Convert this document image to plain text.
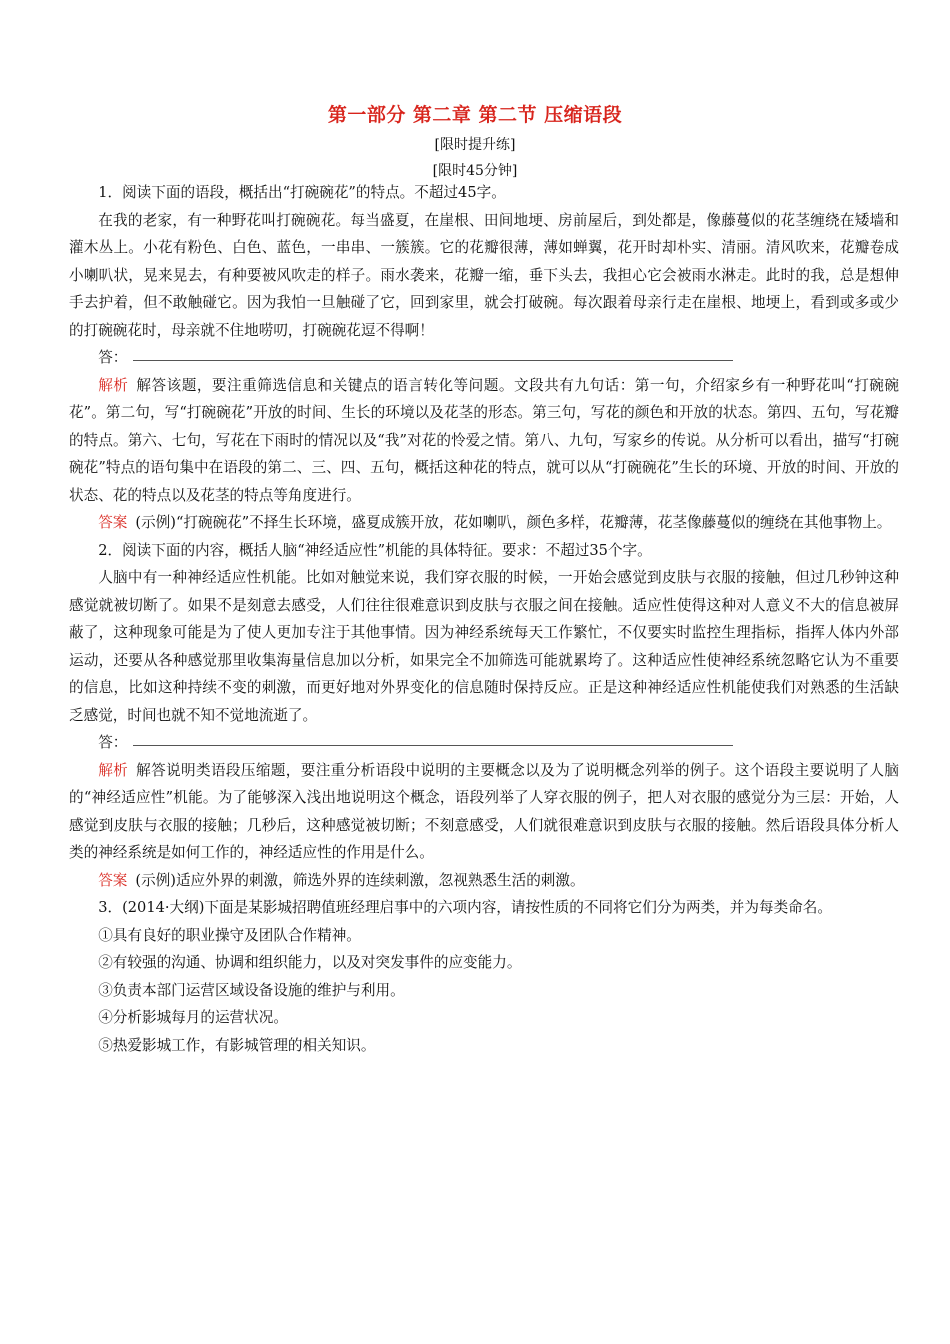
第一部分 第二章 第二节 压缩语段
[限时提升练]
[限时45分钟]

1．阅读下面的语段，概括出“打碗碗花”的特点。不超过45字。

在我的老家，有一种野花叫打碗碗花。每当盛夏，在崖根、田间地埂、房前屋后，到处都是，像藤蔓似的花茎缠绕在矮墙和灌木丛上。小花有粉色、白色、蓝色，一串串、一簇簇。它的花瓣很薄，薄如蝉翼，花开时却朴实、清丽。清风吹来，花瓣卷成小喇叭状，晃来晃去，有种要被风吹走的样子。雨水袭来，花瓣一缩，垂下头去，我担心它会被雨水淋走。此时的我，总是想伸手去护着，但不敢触碰它。因为我怕一旦触碰了它，回到家里，就会打破碗。每次跟着母亲行走在崖根、地埂上，看到或多或少的打碗碗花时，母亲就不住地唠叨，打碗碗花逗不得啊！

答：

解析 解答该题，要注重筛选信息和关键点的语言转化等问题。文段共有九句话：第一句，介绍家乡有一种野花叫“打碗碗花”。第二句，写“打碗碗花”开放的时间、生长的环境以及花茎的形态。第三句，写花的颜色和开放的状态。第四、五句，写花瓣的特点。第六、七句，写花在下雨时的情况以及“我”对花的怜爱之情。第八、九句，写家乡的传说。从分析可以看出，描写“打碗碗花”特点的语句集中在语段的第二、三、四、五句，概括这种花的特点，就可以从“打碗碗花”生长的环境、开放的时间、开放的状态、花的特点以及花茎的特点等角度进行。

答案 (示例)“打碗碗花”不择生长环境，盛夏成簇开放，花如喇叭，颜色多样，花瓣薄，花茎像藤蔓似的缠绕在其他事物上。

2．阅读下面的内容，概括人脑“神经适应性”机能的具体特征。要求：不超过35个字。

人脑中有一种神经适应性机能。比如对触觉来说，我们穿衣服的时候，一开始会感觉到皮肤与衣服的接触，但过几秒钟这种感觉就被切断了。如果不是刻意去感受，人们往往很难意识到皮肤与衣服之间在接触。适应性使得这种对人意义不大的信息被屏蔽了，这种现象可能是为了使人更加专注于其他事情。因为神经系统每天工作繁忙，不仅要实时监控生理指标，指挥人体内外部运动，还要从各种感觉那里收集海量信息加以分析，如果完全不加筛选可能就累垮了。这种适应性使神经系统忽略它认为不重要的信息，比如这种持续不变的刺激，而更好地对外界变化的信息随时保持反应。正是这种神经适应性机能使我们对熟悉的生活缺乏感觉，时间也就不知不觉地流逝了。

答：

解析 解答说明类语段压缩题，要注重分析语段中说明的主要概念以及为了说明概念列举的例子。这个语段主要说明了人脑的“神经适应性”机能。为了能够深入浅出地说明这个概念，语段列举了人穿衣服的例子，把人对衣服的感觉分为三层：开始，人感觉到皮肤与衣服的接触；几秒后，这种感觉被切断；不刻意感受，人们就很难意识到皮肤与衣服的接触。然后语段具体分析人类的神经系统是如何工作的，神经适应性的作用是什么。

答案 (示例)适应外界的刺激，筛选外界的连续刺激，忽视熟悉生活的刺激。

3．(2014·大纲)下面是某影城招聘值班经理启事中的六项内容，请按性质的不同将它们分为两类，并为每类命名。

①具有良好的职业操守及团队合作精神。

②有较强的沟通、协调和组织能力，以及对突发事件的应变能力。

③负责本部门运营区域设备设施的维护与利用。

④分析影城每月的运营状况。

⑤热爱影城工作，有影城管理的相关知识。
